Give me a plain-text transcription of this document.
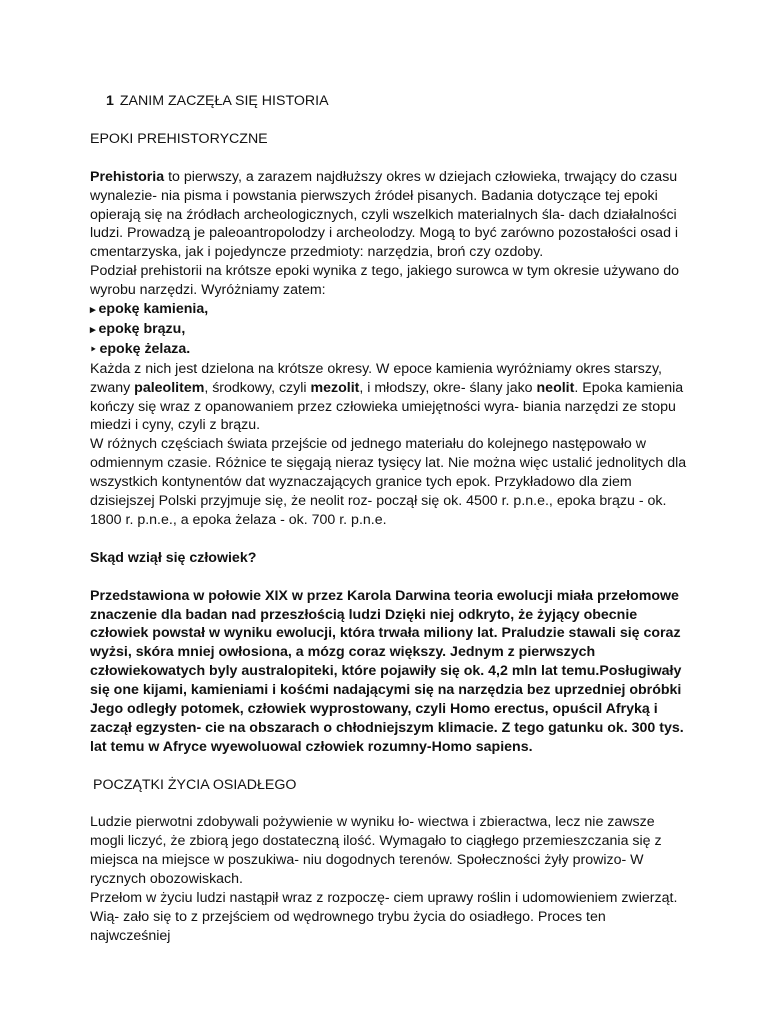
1 ZANIM ZACZĘŁA SIĘ HISTORIA

EPOKI PREHISTORYCZNE

Prehistoria to pierwszy, a zarazem najdłuższy okres w dziejach człowieka, trwający do czasu wynalezie- nia pisma i powstania pierwszych źródeł pisanych. Badania dotyczące tej epoki opierają się na źródłach archeologicznych, czyli wszelkich materialnych śla- dach działalności ludzi. Prowadzą je paleoantropolodzy i archeolodzy. Mogą to być zarówno pozostałości osad i cmentarzyska, jak i pojedyncze przedmioty: narzędzia, broń czy ozdoby.

Podział prehistorii na krótsze epoki wynika z tego, jakiego surowca w tym okresie używano do wyrobu narzędzi. Wyróżniamy zatem:

▸ epokę kamienia,

▸ epokę brązu,

‣ epokę żelaza.

Każda z nich jest dzielona na krótsze okresy. W epoce kamienia wyróżniamy okres starszy, zwany paleolitem, środkowy, czyli mezolit, i młodszy, okre- ślany jako neolit. Epoka kamienia kończy się wraz z opanowaniem przez człowieka umiejętności wyra- biania narzędzi ze stopu miedzi i cyny, czyli z brązu.

W różnych częściach świata przejście od jednego materiału do kolejnego następowało w odmiennym czasie. Różnice te sięgają nieraz tysięcy lat. Nie można więc ustalić jednolitych dla wszystkich kontynentów dat wyznaczających granice tych epok. Przykładowo dla ziem dzisiejszej Polski przyjmuje się, że neolit roz- począł się ok. 4500 r. p.n.e., epoka brązu - ok. 1800 r. p.n.e., a epoka żelaza - ok. 700 r. p.n.e.

Skąd wziął się człowiek?

Przedstawiona w połowie XIX w przez Karola Darwina teoria ewolucji miała przełomowe znaczenie dla badan nad przeszłością ludzi Dzięki niej odkryto, że żyjący obecnie człowiek powstał w wyniku ewolucji, która trwała miliony lat. Praludzie stawali się coraz wyżsi, skóra mniej owłosiona, a mózg coraz większy. Jednym z pierwszych człowiekowatych byly australopiteki, które pojawiły się ok. 4,2 mln lat temu.Posługiwały się one kijami, kamieniami i kośćmi nadającymi się na narzędzia bez uprzedniej obróbki Jego odległy potomek, człowiek wyprostowany, czyli Homo erectus, opuścil Afryką i zaczął egzysten- cie na obszarach o chłodniejszym klimacie. Z tego gatunku ok. 300 tys. lat temu w Afryce wyewoluowal człowiek rozumny-Homo sapiens.

POCZĄTKI ŻYCIA OSIADŁEGO

Ludzie pierwotni zdobywali pożywienie w wyniku ło- wiectwa i zbieractwa, lecz nie zawsze mogli liczyć, że zbiorą jego dostateczną ilość. Wymagało to ciągłego przemieszczania się z miejsca na miejsce w poszukiwa- niu dogodnych terenów. Społeczności żyły prowizo- W rycznych obozowiskach.

Przełom w życiu ludzi nastąpił wraz z rozpoczę- ciem uprawy roślin i udomowieniem zwierząt. Wią- zało się to z przejściem od wędrownego trybu życia do osiadłego. Proces ten najwcześniej
